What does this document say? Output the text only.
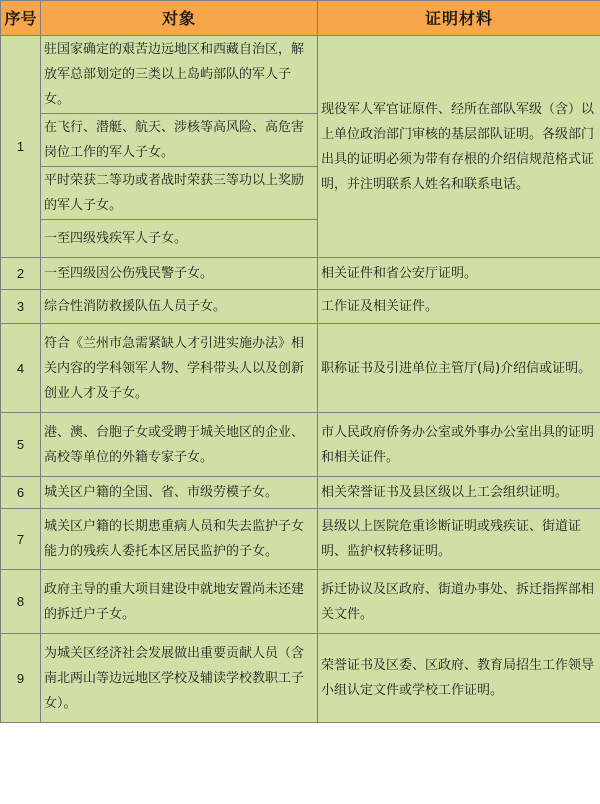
序号	对象	证明材料
1	驻国家确定的艰苦边远地区和西藏自治区，解放军总部划定的三类以上岛屿部队的军人子女。	现役军人军官证原件、经所在部队军级（含）以上单位政治部门审核的基层部队证明。各级部门出具的证明必须为带有存根的介绍信规范格式证明，并注明联系人姓名和联系电话。
	在飞行、潜艇、航天、涉核等高风险、高危害岗位工作的军人子女。	
	平时荣获二等功或者战时荣获三等功以上奖励的军人子女。	
	一至四级残疾军人子女。	
2	一至四级因公伤残民警子女。	相关证件和省公安厅证明。
3	综合性消防救援队伍人员子女。	工作证及相关证件。
4	符合《兰州市急需紧缺人才引进实施办法》相关内容的学科领军人物、学科带头人以及创新创业人才及子女。	职称证书及引进单位主管厅(局)介绍信或证明。
5	港、澳、台胞子女或受聘于城关地区的企业、高校等单位的外籍专家子女。	市人民政府侨务办公室或外事办公室出具的证明和相关证件。
6	城关区户籍的全国、省、市级劳模子女。	相关荣誉证书及县区级以上工会组织证明。
7	城关区户籍的长期患重病人员和失去监护子女能力的残疾人委托本区居民监护的子女。	县级以上医院危重诊断证明或残疾证、街道证明、监护权转移证明。
8	政府主导的重大项目建设中就地安置尚未还建的拆迁户子女。	拆迁协议及区政府、街道办事处、拆迁指挥部相关文件。
9	为城关区经济社会发展做出重要贡献人员（含南北两山等边远地区学校及辅读学校教职工子女）。	荣誉证书及区委、区政府、教育局招生工作领导小组认定文件或学校工作证明。
